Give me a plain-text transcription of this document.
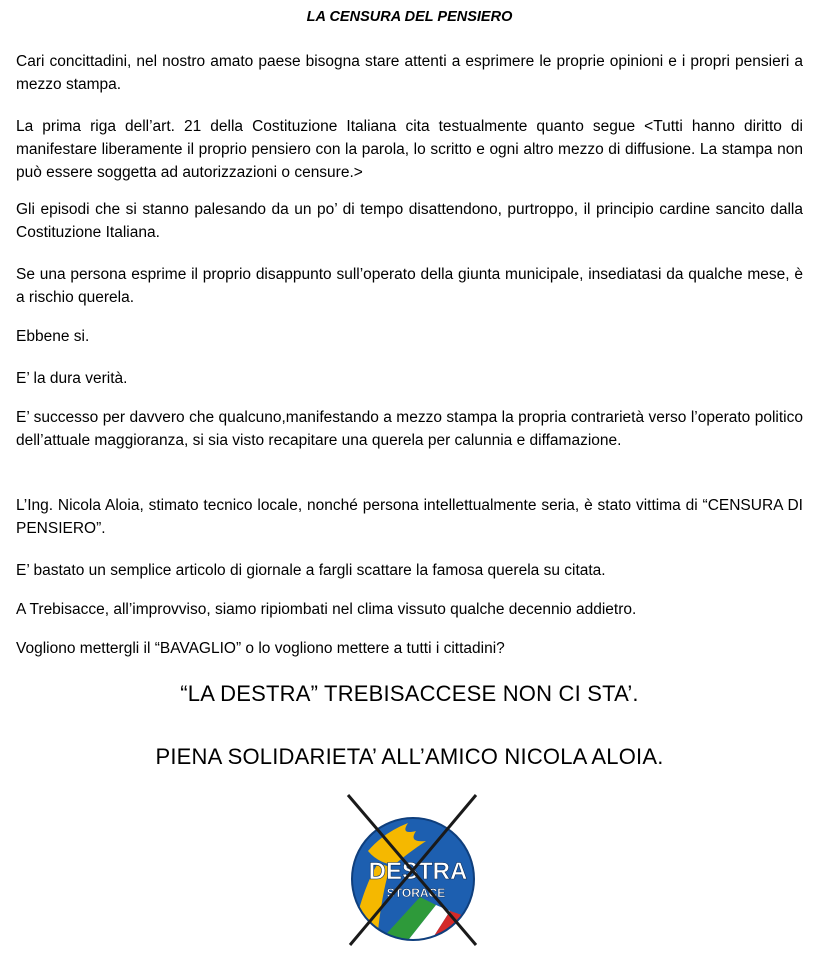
LA CENSURA DEL PENSIERO

Cari concittadini, nel nostro amato paese bisogna stare attenti a esprimere le proprie opinioni e i propri pensieri a mezzo stampa.

La prima riga dell’art. 21 della Costituzione Italiana cita testualmente quanto segue <Tutti hanno diritto di manifestare liberamente il proprio pensiero con la parola, lo scritto e ogni altro mezzo di diffusione. La stampa non può essere soggetta ad autorizzazioni o censure.>

Gli episodi che si stanno palesando da un po’ di tempo disattendono, purtroppo, il principio cardine sancito dalla Costituzione Italiana.

Se una persona esprime il proprio disappunto sull’operato della giunta municipale, insediatasi da qualche mese, è a rischio querela.

Ebbene si.

E’ la dura verità.

E’ successo per davvero che qualcuno,manifestando a mezzo stampa la propria contrarietà verso l’operato politico dell’attuale maggioranza, si sia visto recapitare una querela per calunnia e diffamazione.

L’Ing. Nicola Aloia, stimato tecnico locale, nonché persona intellettualmente seria, è stato vittima di “CENSURA DI PENSIERO”.

E’ bastato un semplice articolo di giornale a fargli scattare la famosa querela su citata.

A Trebisacce, all’improvviso, siamo ripiombati nel clima vissuto qualche decennio addietro.

Vogliono mettergli il “BAVAGLIO” o lo vogliono mettere a tutti i cittadini?

“LA DESTRA” TREBISACCESE NON CI STA’.

PIENA SOLIDARIETA’ ALL’AMICO NICOLA ALOIA.

DESTRA
STORACE
